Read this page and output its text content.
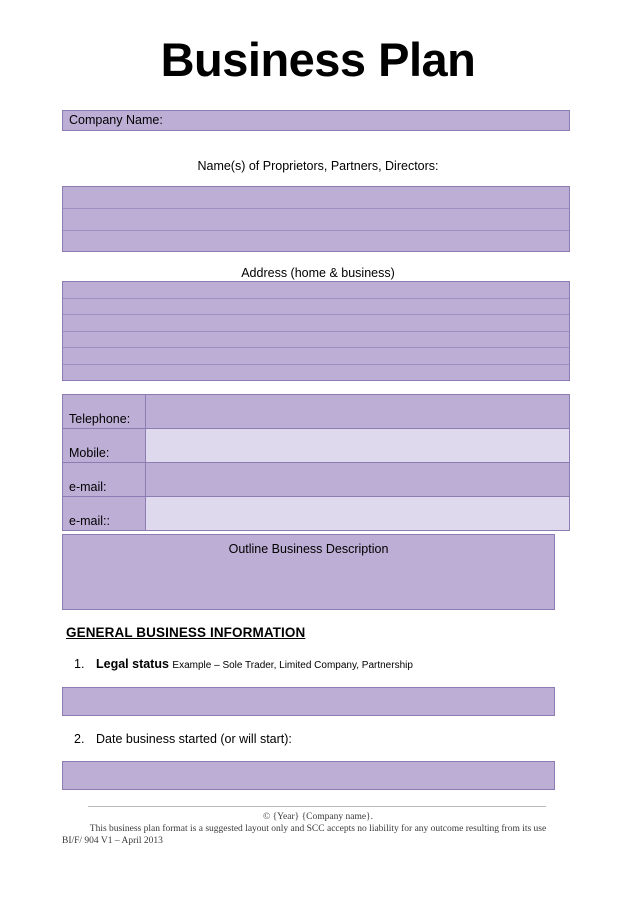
Business Plan
Company Name:
Name(s) of Proprietors, Partners, Directors:
Address (home & business)
Telephone:	
Mobile:	
e-mail:	
e-mail::	
Outline Business Description
GENERAL BUSINESS INFORMATION
1. Legal status Example – Sole Trader, Limited Company, Partnership
2. Date business started (or will start):
© {Year} {Company name}.
This business plan format is a suggested layout only and SCC accepts no liability for any outcome resulting from its use
BI/F/ 904 V1 – April 2013
